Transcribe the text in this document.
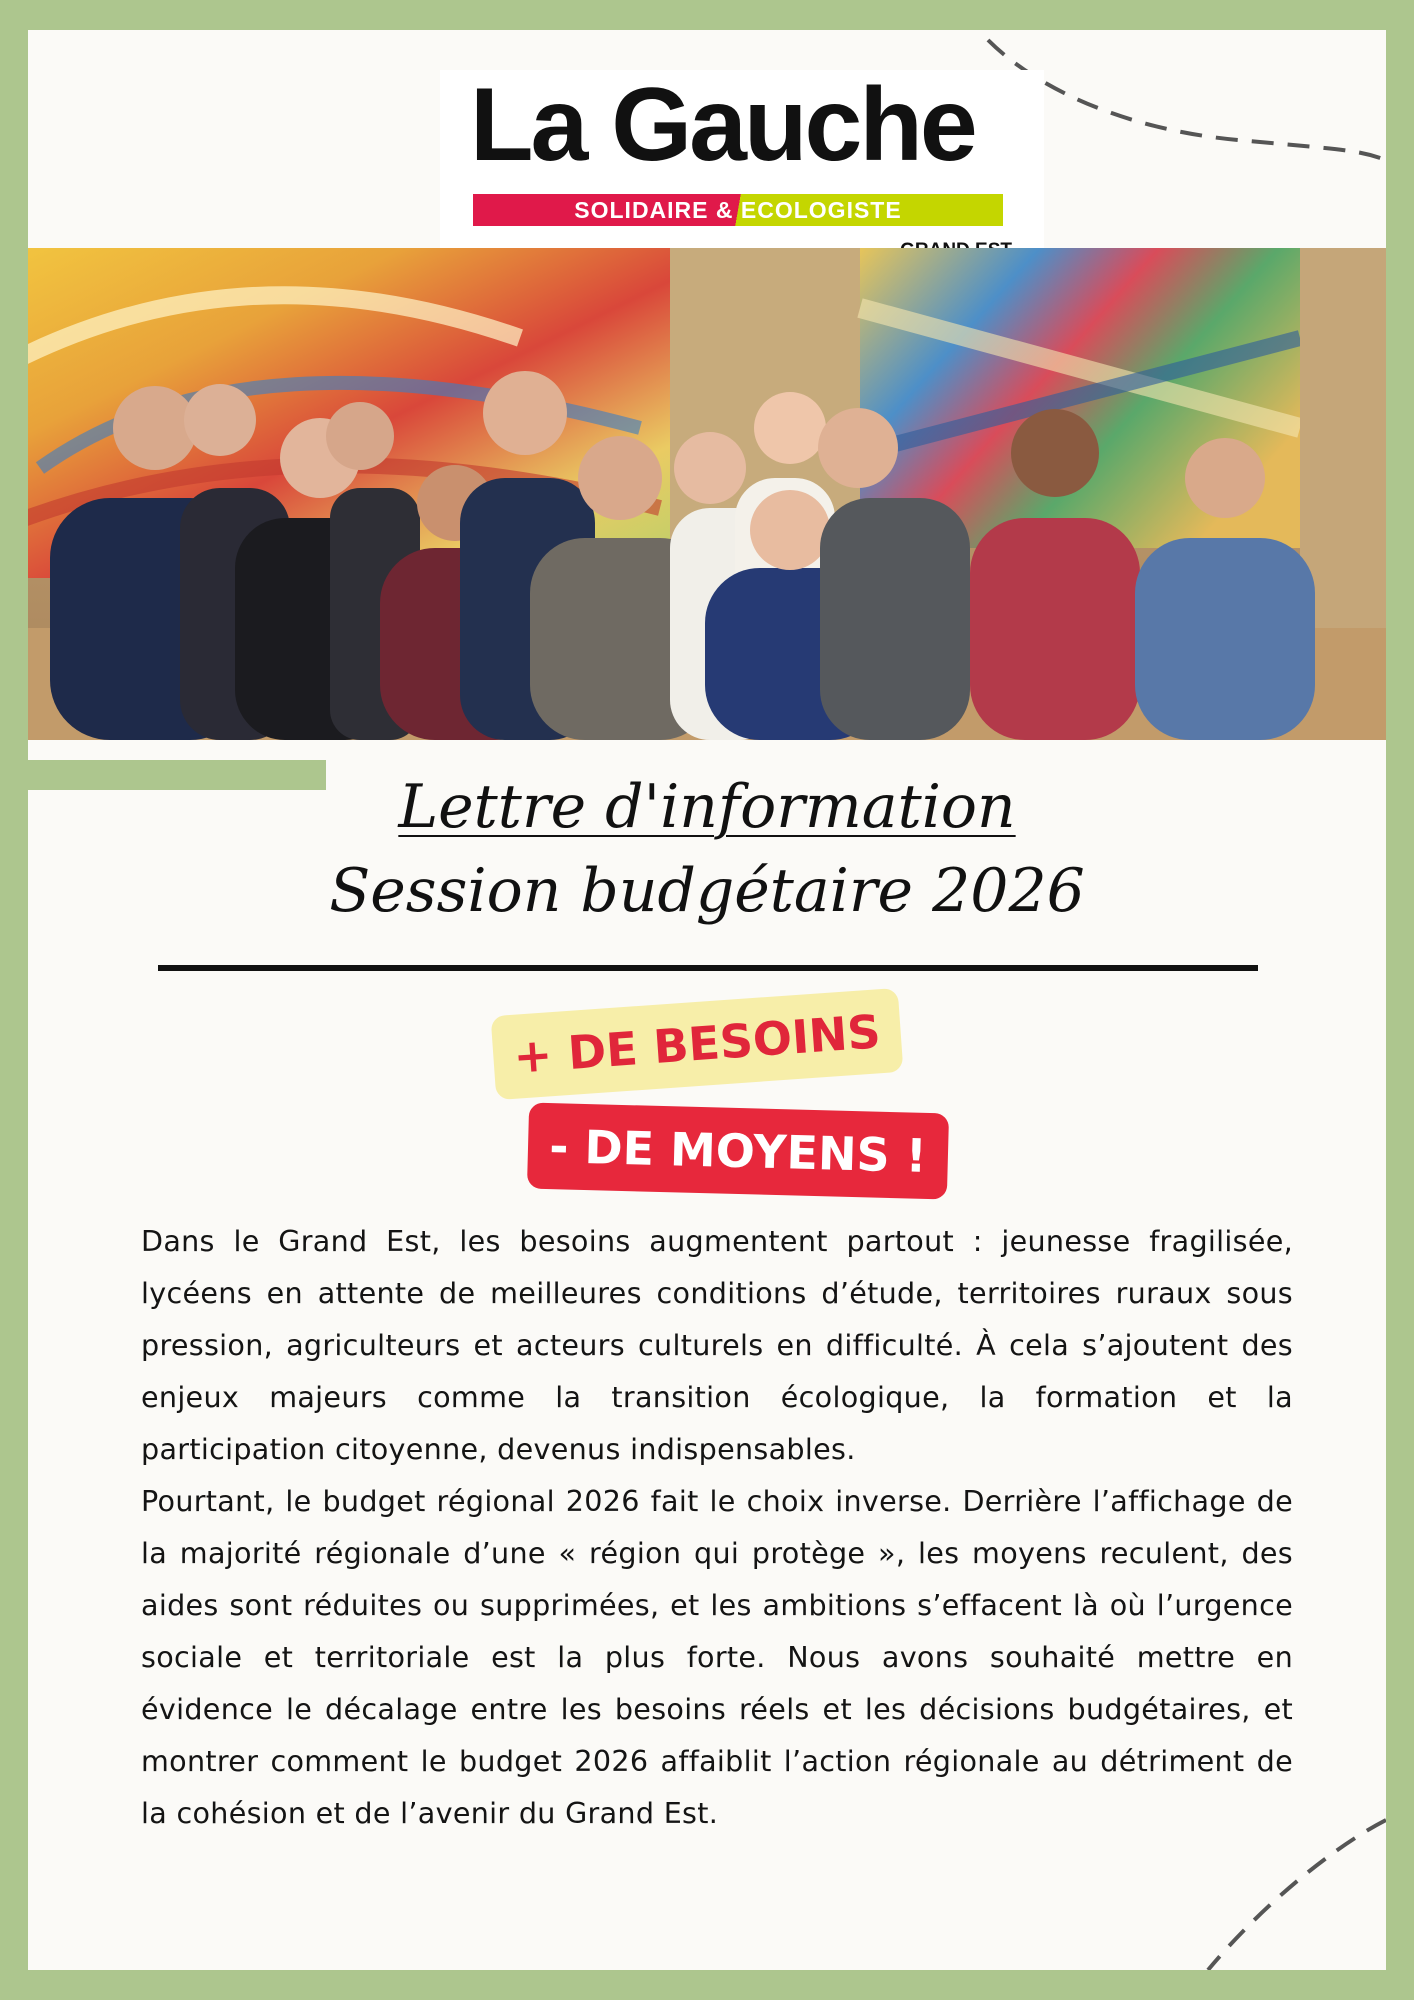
La Gauche
SOLIDAIRE & ECOLOGISTE
Lettre d'information
Session budgétaire 2026
+ DE BESOINS
- DE MOYENS !

Dans le Grand Est, les besoins augmentent partout : jeunesse fragilisée, lycéens en attente de meilleures conditions d’étude, territoires ruraux sous pression, agriculteurs et acteurs culturels en difficulté. À cela s’ajoutent des enjeux majeurs comme la transition écologique, la formation et la participation citoyenne, devenus indispensables.

Pourtant, le budget régional 2026 fait le choix inverse. Derrière l’affichage de la majorité régionale d’une « région qui protège », les moyens reculent, des aides sont réduites ou supprimées, et les ambitions s’effacent là où l’urgence sociale et territoriale est la plus forte. Nous avons souhaité mettre en évidence le décalage entre les besoins réels et les décisions budgétaires, et montrer comment le budget 2026 affaiblit l’action régionale au détriment de la cohésion et de l’avenir du Grand Est.
